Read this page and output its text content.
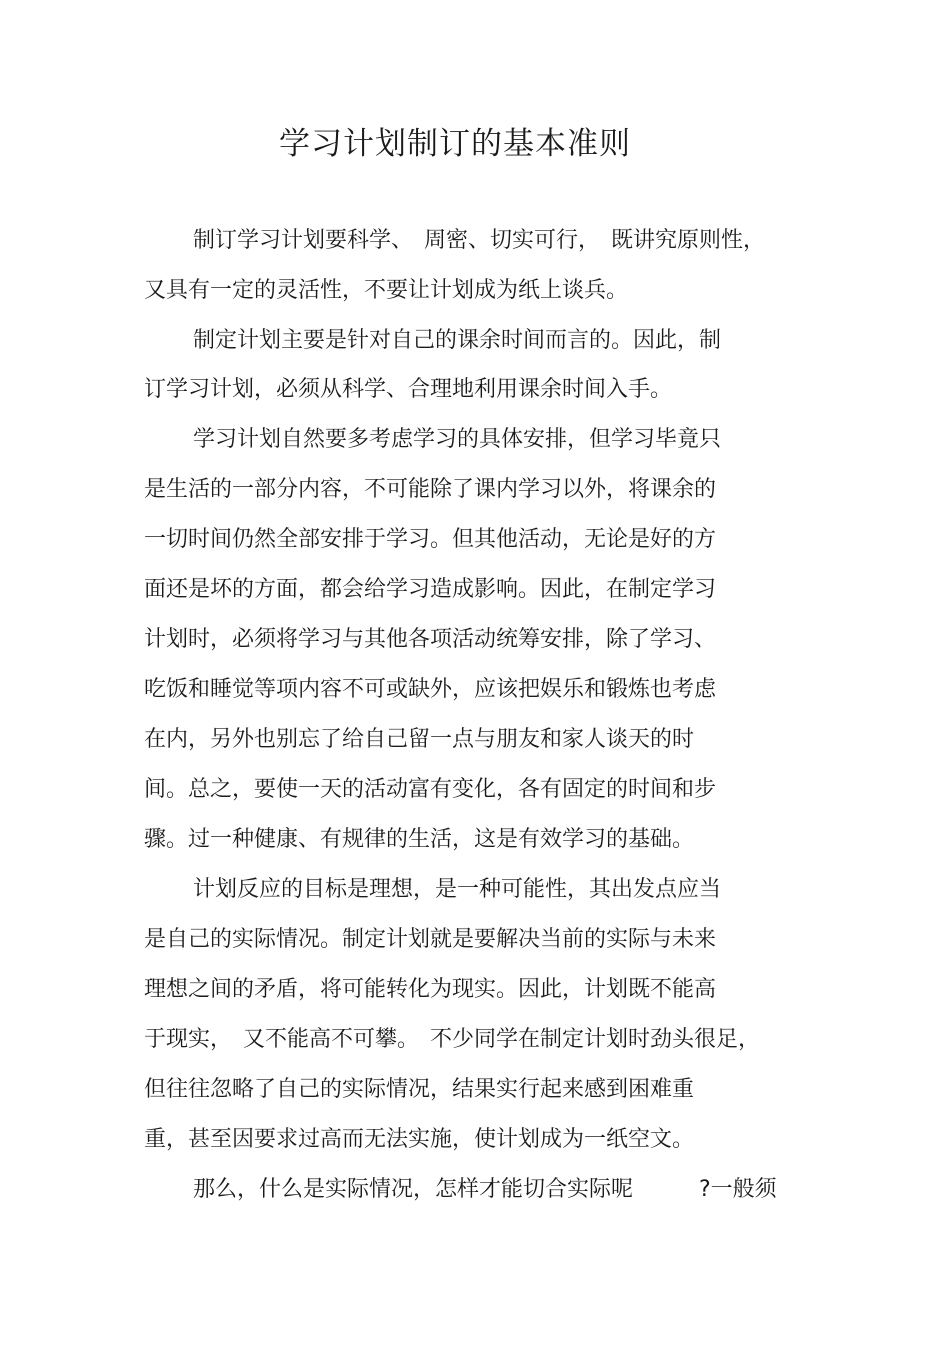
学习计划制订的基本准则

制订学习计划要科学、　周密、切实可行，　既讲究原则性，

又具有一定的灵活性，不要让计划成为纸上谈兵。

制定计划主要是针对自己的课余时间而言的。因此，制

订学习计划，必须从科学、合理地利用课余时间入手。

学习计划自然要多考虑学习的具体安排，但学习毕竟只

是生活的一部分内容，不可能除了课内学习以外，将课余的

一切时间仍然全部安排于学习。但其他活动，无论是好的方

面还是坏的方面，都会给学习造成影响。因此，在制定学习

计划时，必须将学习与其他各项活动统筹安排，除了学习、

吃饭和睡觉等项内容不可或缺外，应该把娱乐和锻炼也考虑

在内，另外也别忘了给自己留一点与朋友和家人谈天的时

间。总之，要使一天的活动富有变化，各有固定的时间和步

骤。过一种健康、有规律的生活，这是有效学习的基础。

计划反应的目标是理想，是一种可能性，其出发点应当

是自己的实际情况。制定计划就是要解决当前的实际与未来

理想之间的矛盾，将可能转化为现实。因此，计划既不能高

于现实，　又不能高不可攀。　不少同学在制定计划时劲头很足，

但往往忽略了自己的实际情况，结果实行起来感到困难重

重，甚至因要求过高而无法实施，使计划成为一纸空文。

那么，什么是实际情况，怎样才能切合实际呢　　　?一般须
